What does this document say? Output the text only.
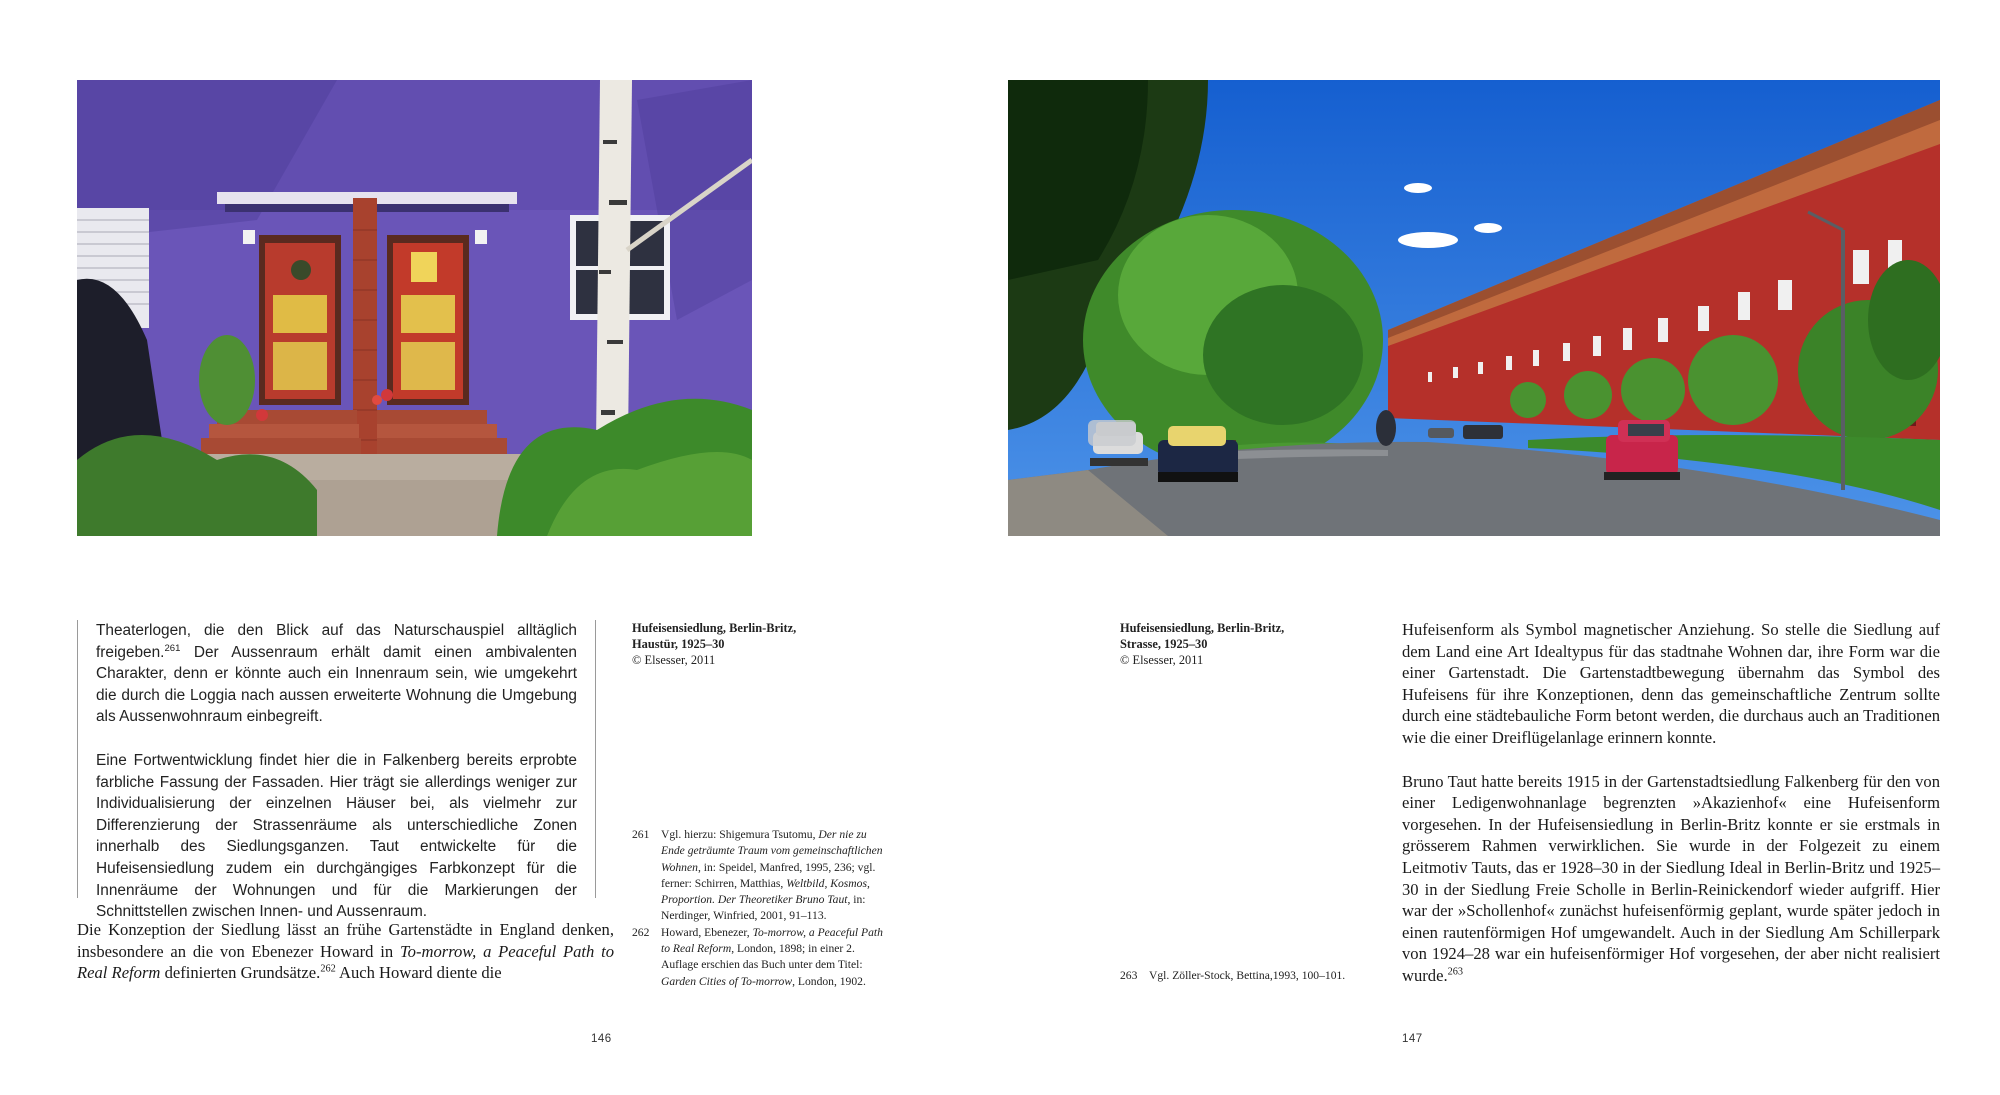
Theaterlogen, die den Blick auf das Naturschauspiel alltäglich freigeben.$^{261}$ Der Aussenraum erhält damit einen ambivalenten Charakter, denn er könnte auch ein Innenraum sein, wie umgekehrt die durch die Loggia nach aussen erweiterte Wohnung die Umgebung als Aussenwohnraum einbegreift.

Eine Fortwentwicklung findet hier die in Falkenberg bereits erprobte farbliche Fassung der Fassaden. Hier trägt sie allerdings weniger zur Individualisierung der einzelnen Häuser bei, als vielmehr zur Differenzierung der Strassenräume als unterschiedliche Zonen innerhalb des Siedlungsganzen. Taut entwickelte für die Hufeisensiedlung zudem ein durchgängiges Farbkonzept für die Innenräume der Wohnungen und für die Markierungen der Schnittstellen zwischen Innen- und Aussenraum.

Die Konzeption der Siedlung lässt an frühe Gartenstädte in England denken, insbesondere an die von Ebenezer Howard in To-morrow, a Peaceful Path to Real Reform definierten Grundsätze.$^{262}$ Auch Howard diente die

Hufeisensiedlung, Berlin-Britz,
Haustür, 1925–30
© Elsesser, 2011
261 Vgl. hierzu: Shigemura Tsutomu, Der nie zu Ende geträumte Traum vom gemeinschaftlichen Wohnen, in: Speidel, Manfred, 1995, 236; vgl. ferner: Schirren, Matthias, Weltbild, Kosmos, Proportion. Der Theoretiker Bruno Taut, in: Nerdinger, Winfried, 2001, 91–113.
262 Howard, Ebenezer, To-morrow, a Peaceful Path to Real Reform, London, 1898; in einer 2. Auflage erschien das Buch unter dem Titel: Garden Cities of To-morrow, London, 1902.
146
Hufeisensiedlung, Berlin-Britz,
Strasse, 1925–30
© Elsesser, 2011
263 Vgl. Zöller-Stock, Bettina,1993, 100–101.

Hufeisenform als Symbol magnetischer Anziehung. So stelle die Siedlung auf dem Land eine Art Idealtypus für das stadtnahe Wohnen dar, ihre Form war die einer Gartenstadt. Die Gartenstadtbewegung übernahm das Symbol des Hufeisens für ihre Konzeptionen, denn das gemeinschaftliche Zentrum sollte durch eine städtebauliche Form betont werden, die durchaus auch an Traditionen wie die einer Dreiflügelanlage erinnern konnte.

Bruno Taut hatte bereits 1915 in der Gartenstadtsiedlung Falkenberg für den von einer Ledigenwohnanlage begrenzten »Akazienhof« eine Hufeisenform vorgesehen. In der Hufeisensiedlung in Berlin-Britz konnte er sie erstmals in grösserem Rahmen verwirklichen. Sie wurde in der Folgezeit zu einem Leitmotiv Tauts, das er 1928–30 in der Siedlung Ideal in Berlin-Britz und 1925–30 in der Siedlung Freie Scholle in Berlin-Reinickendorf wieder aufgriff. Hier war der »Schollenhof« zunächst hufeisenförmig geplant, wurde später jedoch in einen rautenförmigen Hof umgewandelt. Auch in der Siedlung Am Schillerpark von 1924–28 war ein hufeisenförmiger Hof vorgesehen, der aber nicht realisiert wurde.$^{263}$

147
